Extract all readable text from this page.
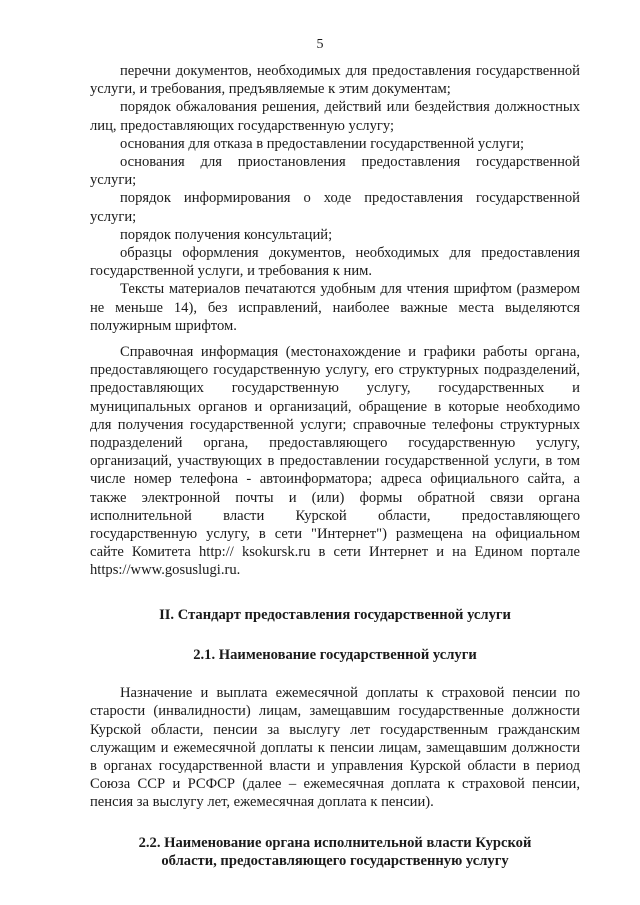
5

перечни документов, необходимых для предоставления государственной услуги, и требования, предъявляемые к этим документам;

порядок обжалования решения, действий или бездействия должностных лиц, предоставляющих государственную услугу;

основания для отказа в предоставлении государственной услуги;

основания для приостановления предоставления государственной услуги;

порядок информирования о ходе предоставления государственной услуги;

порядок получения консультаций;

образцы оформления документов, необходимых для предоставления государственной услуги, и требования к ним.

Тексты материалов печатаются удобным для чтения шрифтом (размером не меньше 14), без исправлений, наиболее важные места выделяются полужирным шрифтом.

Справочная информация (местонахождение и графики работы органа, предоставляющего государственную услугу, его структурных подразделений, предоставляющих государственную услугу, государственных и муниципальных органов и организаций, обращение в которые необходимо для получения государственной услуги; справочные телефоны структурных подразделений органа, предоставляющего государственную услугу, организаций, участвующих в предоставлении государственной услуги, в том числе номер телефона - автоинформатора; адреса официального сайта, а также электронной почты и (или) формы обратной связи органа исполнительной власти Курской области, предоставляющего государственную услугу, в сети "Интернет") размещена на официальном сайте Комитета http:// ksokursk.ru в сети Интернет и на Едином портале https://www.gosuslugi.ru.

II. Стандарт предоставления государственной услуги

2.1. Наименование государственной услуги

Назначение и выплата ежемесячной доплаты к страховой пенсии по старости (инвалидности) лицам, замещавшим государственные должности Курской области, пенсии за выслугу лет государственным гражданским служащим и ежемесячной доплаты к пенсии лицам, замещавшим должности в органах государственной власти и управления Курской области в период Союза ССР и РСФСР (далее – ежемесячная доплата к страховой пенсии, пенсия за выслугу лет, ежемесячная доплата к пенсии).

2.2. Наименование органа исполнительной власти Курской
области, предоставляющего государственную услугу
